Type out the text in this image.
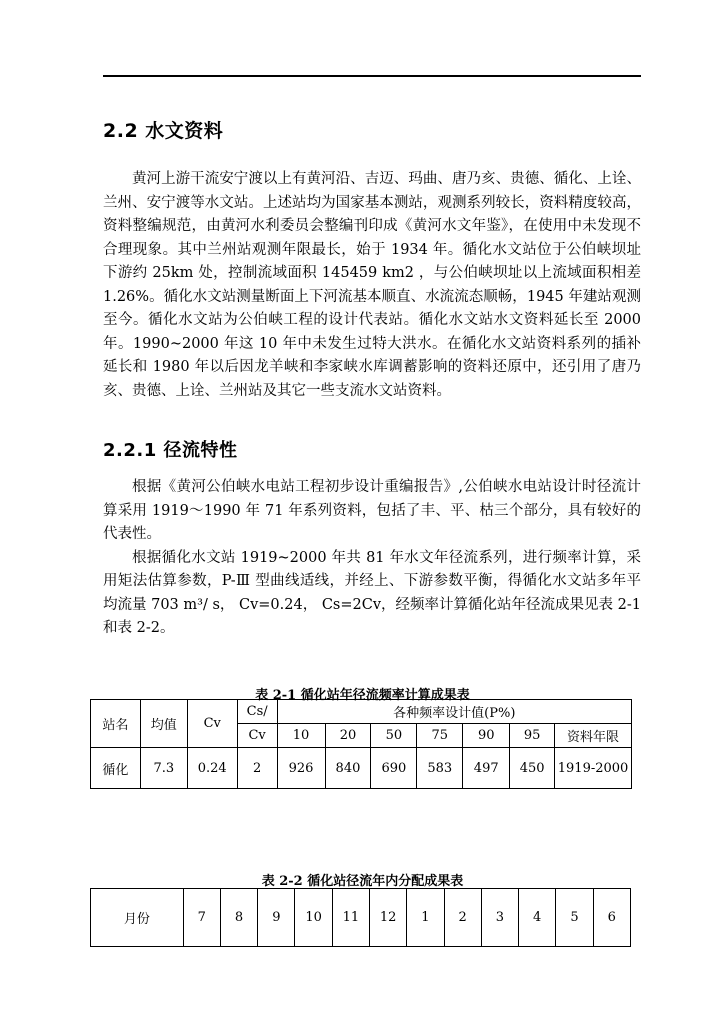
2.2 水文资料

黄河上游干流安宁渡以上有黄河沿、吉迈、玛曲、唐乃亥、贵德、循化、上诠、兰州、安宁渡等水文站。上述站均为国家基本测站，观测系列较长，资料精度较高，资料整编规范，由黄河水利委员会整编刊印成《黄河水文年鉴》，在使用中未发现不合理现象。其中兰州站观测年限最长，始于 1934 年。循化水文站位于公伯峡坝址下游约 25km 处，控制流域面积 145459 km2 ，与公伯峡坝址以上流域面积相差 1.26%。循化水文站测量断面上下河流基本顺直、水流流态顺畅，1945 年建站观测至今。循化水文站为公伯峡工程的设计代表站。循化水文站水文资料延长至 2000 年。1990~2000 年这 10 年中未发生过特大洪水。在循化水文站资料系列的插补延长和 1980 年以后因龙羊峡和李家峡水库调蓄影响的资料还原中，还引用了唐乃亥、贵德、上诠、兰州站及其它一些支流水文站资料。

2.2.1 径流特性

根据《黄河公伯峡水电站工程初步设计重编报告》,公伯峡水电站设计时径流计算采用 1919～1990 年 71 年系列资料，包括了丰、平、枯三个部分，具有较好的代表性。

根据循化水文站 1919~2000 年共 81 年水文年径流系列，进行频率计算，采用矩法估算参数，P-Ⅲ 型曲线适线，并经上、下游参数平衡，得循化水文站多年平均流量 703 m³/ s， Cv=0.24， Cs=2Cv，经频率计算循化站年径流成果见表 2-1 和表 2-2。

表 2-1 循化站年径流频率计算成果表
站名	均值	Cv	Cs/	各种频率设计值(P%)						
			Cv	10	20	50	75	90	95	资料年限
循化	7.3	0.24	2	926	840	690	583	497	450	1919-2000
表 2-2 循化站径流年内分配成果表
月份	7	8	9	10	11	12	1	2	3	4	5	6
